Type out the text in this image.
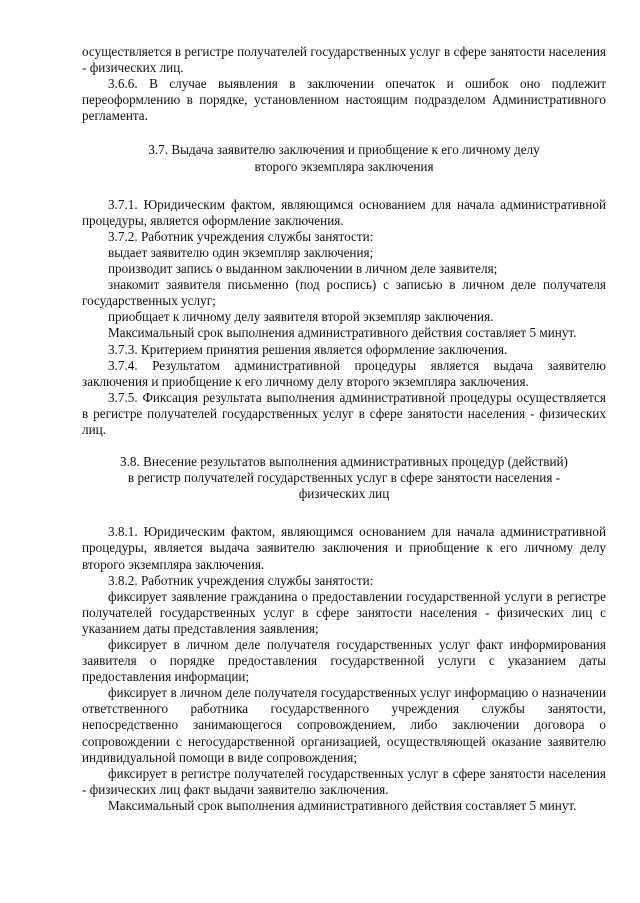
осуществляется в регистре получателей государственных услуг в сфере занятости населения - физических лиц.

3.6.6. В случае выявления в заключении опечаток и ошибок оно подлежит переоформлению в порядке, установленном настоящим подразделом Административного регламента.

3.7. Выдача заявителю заключения и приобщение к его личному делу

второго экземпляра заключения

3.7.1. Юридическим фактом, являющимся основанием для начала административной процедуры, является оформление заключения.

3.7.2. Работник учреждения службы занятости:

выдает заявителю один экземпляр заключения;

производит запись о выданном заключении в личном деле заявителя;

знакомит заявителя письменно (под роспись) с записью в личном деле получателя государственных услуг;

приобщает к личному делу заявителя второй экземпляр заключения.

Максимальный срок выполнения административного действия составляет 5 минут.

3.7.3. Критерием принятия решения является оформление заключения.

3.7.4. Результатом административной процедуры является выдача заявителю заключения и приобщение к его личному делу второго экземпляра заключения.

3.7.5. Фиксация результата выполнения административной процедуры осуществляется в регистре получателей государственных услуг в сфере занятости населения - физических лиц.

3.8. Внесение результатов выполнения административных процедур (действий)

в регистр получателей государственных услуг в сфере занятости населения -

физических лиц

3.8.1. Юридическим фактом, являющимся основанием для начала административной процедуры, является выдача заявителю заключения и приобщение к его личному делу второго экземпляра заключения.

3.8.2. Работник учреждения службы занятости:

фиксирует заявление гражданина о предоставлении государственной услуги в регистре получателей государственных услуг в сфере занятости населения - физических лиц с указанием даты представления заявления;

фиксирует в личном деле получателя государственных услуг факт информирования заявителя о порядке предоставления государственной услуги с указанием даты предоставления информации;

фиксирует в личном деле получателя государственных услуг информацию о назначении ответственного работника государственного учреждения службы занятости, непосредственно занимающегося сопровождением, либо заключении договора о сопровождении с негосударственной организацией, осуществляющей оказание заявителю индивидуальной помощи в виде сопровождения;

фиксирует в регистре получателей государственных услуг в сфере занятости населения - физических лиц факт выдачи заявителю заключения.

Максимальный срок выполнения административного действия составляет 5 минут.
